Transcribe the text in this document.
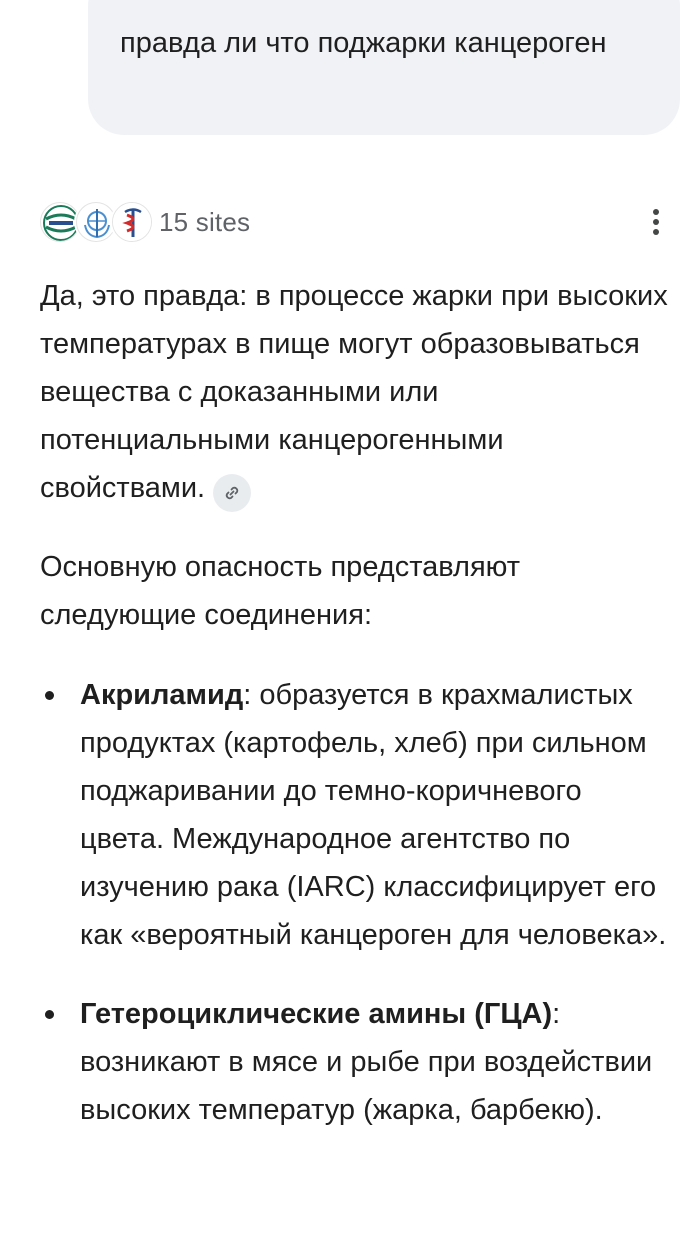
правда ли что поджарки канцероген
15 sites

Да, это правда: в процессе жарки при высоких температурах в пище могут образовываться вещества с доказанными или потенциальными канцерогенными свойствами.

Основную опасность представляют следующие соединения:

Акриламид: образуется в крахмалистых продуктах (картофель, хлеб) при сильном поджаривании до темно-коричневого цвета. Международное агентство по изучению рака (IARC) классифицирует его как «вероятный канцероген для человека».
Гетероциклические амины (ГЦА): возникают в мясе и рыбе при воздействии высоких температур (жарка, барбекю).
